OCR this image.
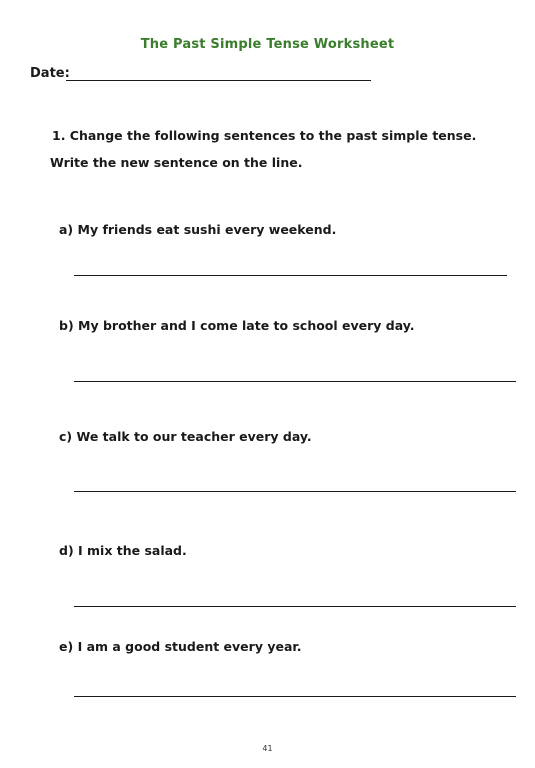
The Past Simple Tense Worksheet
Date:
1. Change the following sentences to the past simple tense.
Write the new sentence on the line.
a) My friends eat sushi every weekend.
b) My brother and I come late to school every day.
c) We talk to our teacher every day.
d) I mix the salad.
e) I am a good student every year.
41
